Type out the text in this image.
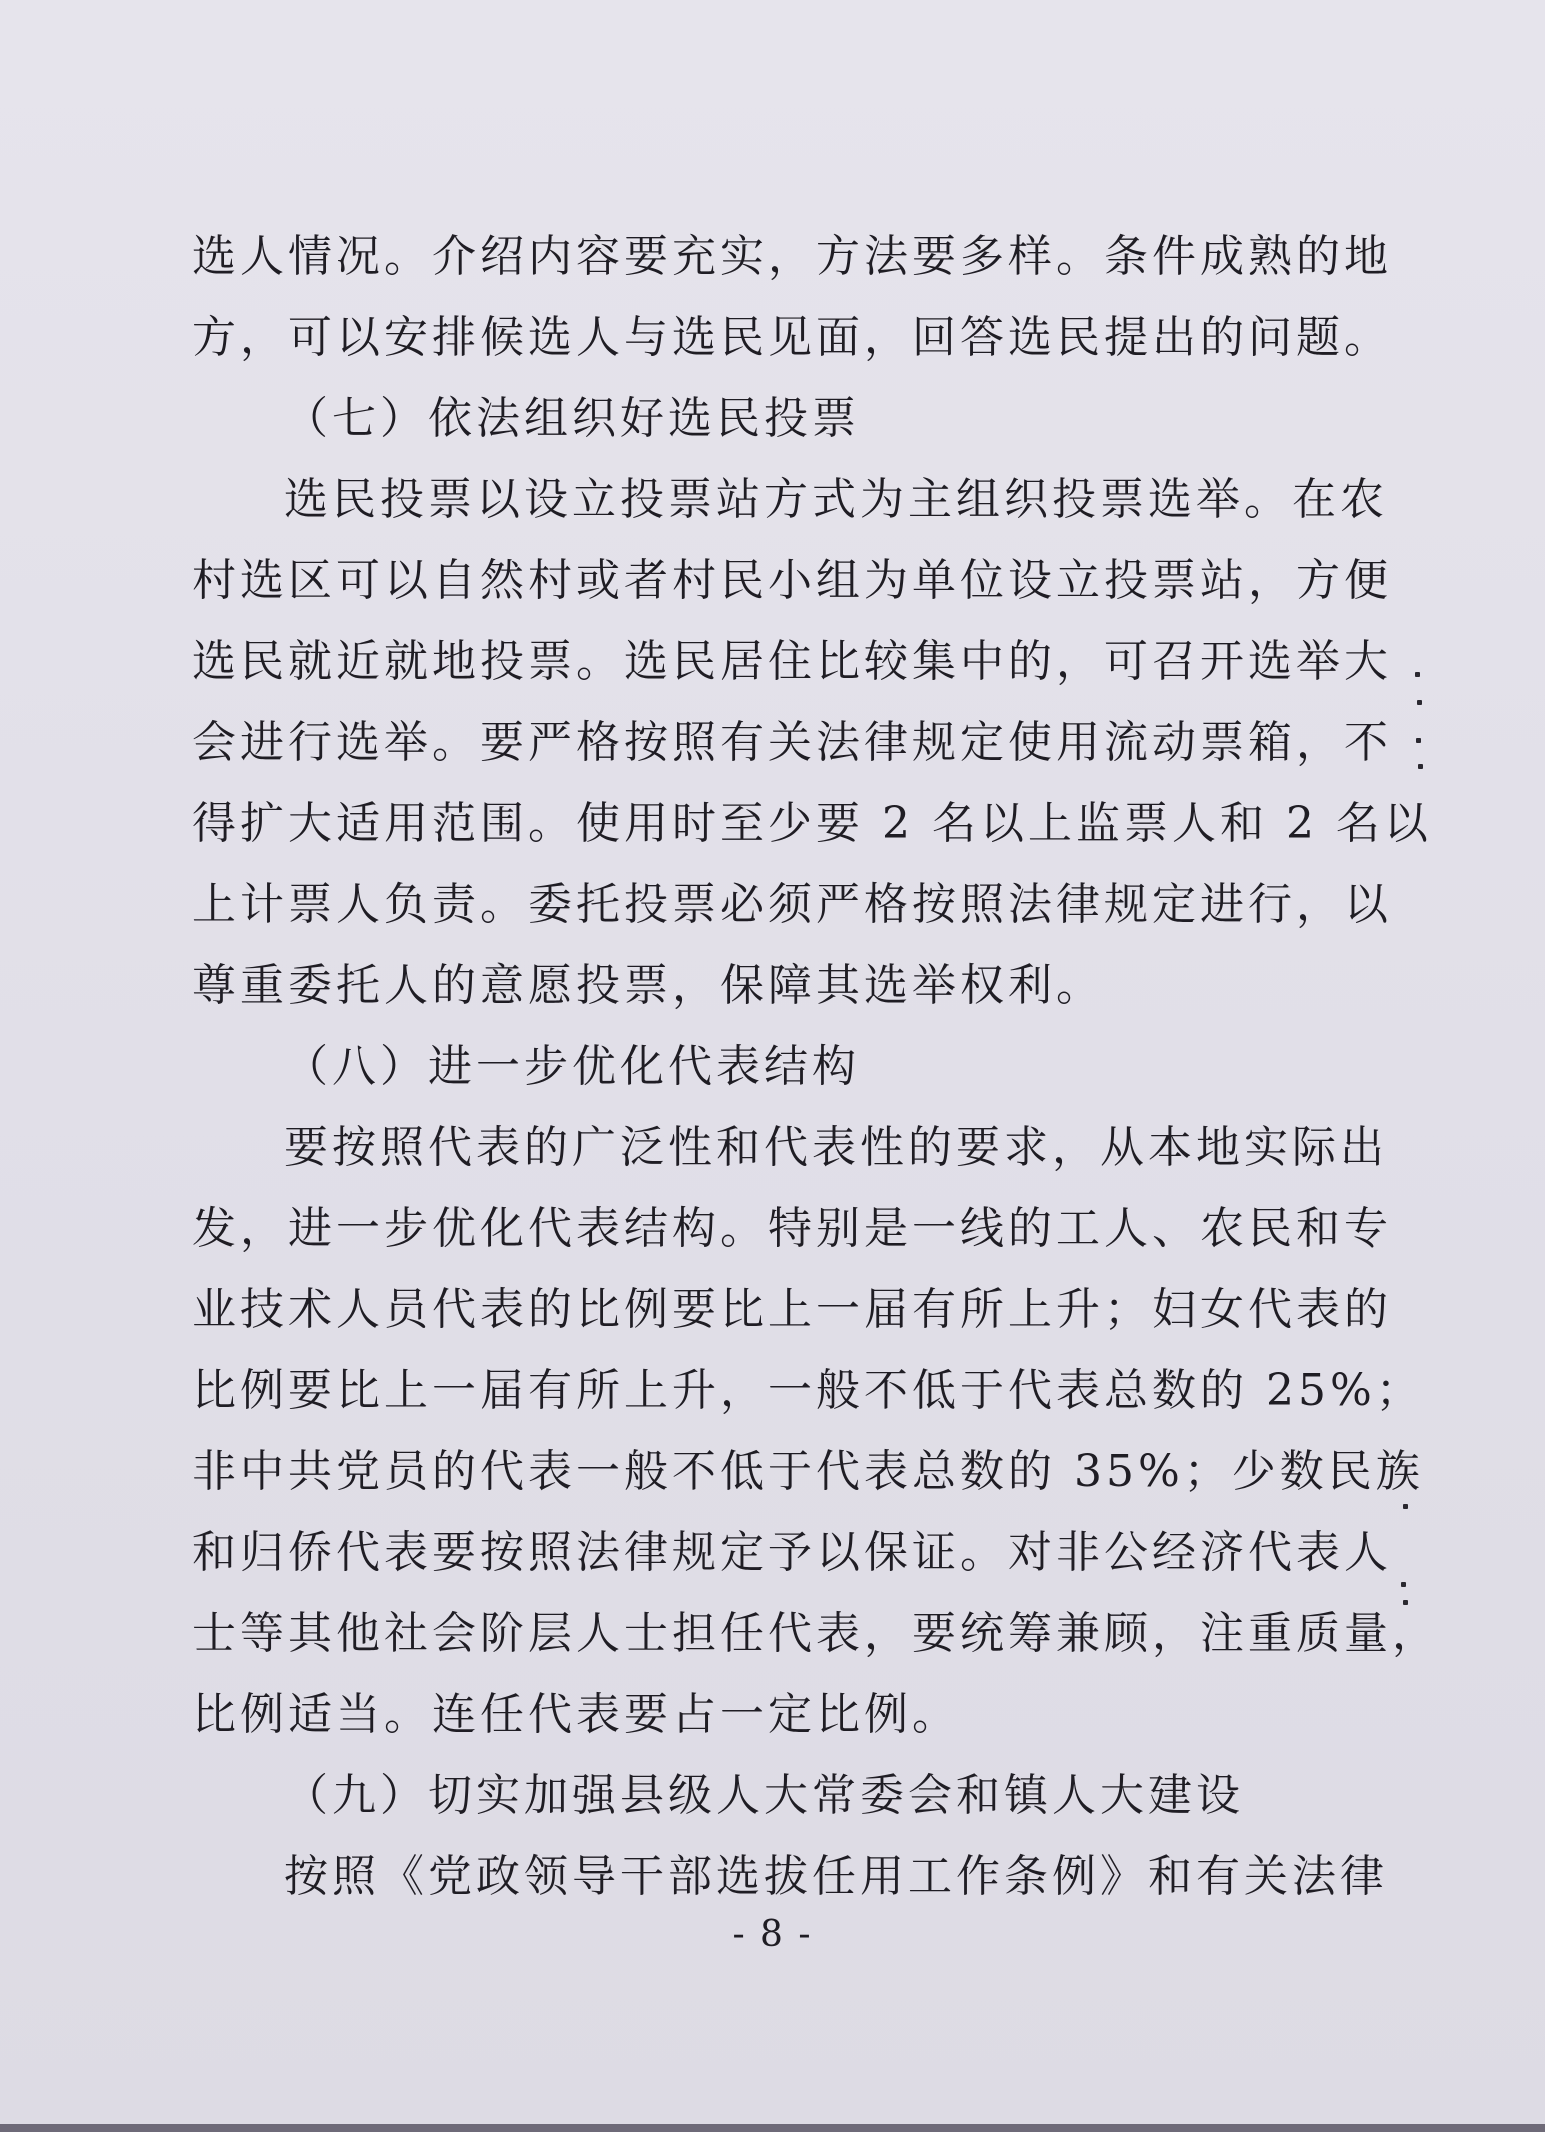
选人情况。介绍内容要充实，方法要多样。条件成熟的地
方，可以安排候选人与选民见面，回答选民提出的问题。
（七）依法组织好选民投票
选民投票以设立投票站方式为主组织投票选举。在农
村选区可以自然村或者村民小组为单位设立投票站，方便
选民就近就地投票。选民居住比较集中的，可召开选举大
会进行选举。要严格按照有关法律规定使用流动票箱，不
得扩大适用范围。使用时至少要 2 名以上监票人和 2 名以
上计票人负责。委托投票必须严格按照法律规定进行，以
尊重委托人的意愿投票，保障其选举权利。
（八）进一步优化代表结构
要按照代表的广泛性和代表性的要求，从本地实际出
发，进一步优化代表结构。特别是一线的工人、农民和专
业技术人员代表的比例要比上一届有所上升；妇女代表的
比例要比上一届有所上升，一般不低于代表总数的 25%；
非中共党员的代表一般不低于代表总数的 35%；少数民族
和归侨代表要按照法律规定予以保证。对非公经济代表人
士等其他社会阶层人士担任代表，要统筹兼顾，注重质量，
比例适当。连任代表要占一定比例。
（九）切实加强县级人大常委会和镇人大建设
按照《党政领导干部选拔任用工作条例》和有关法律
- 8 -
